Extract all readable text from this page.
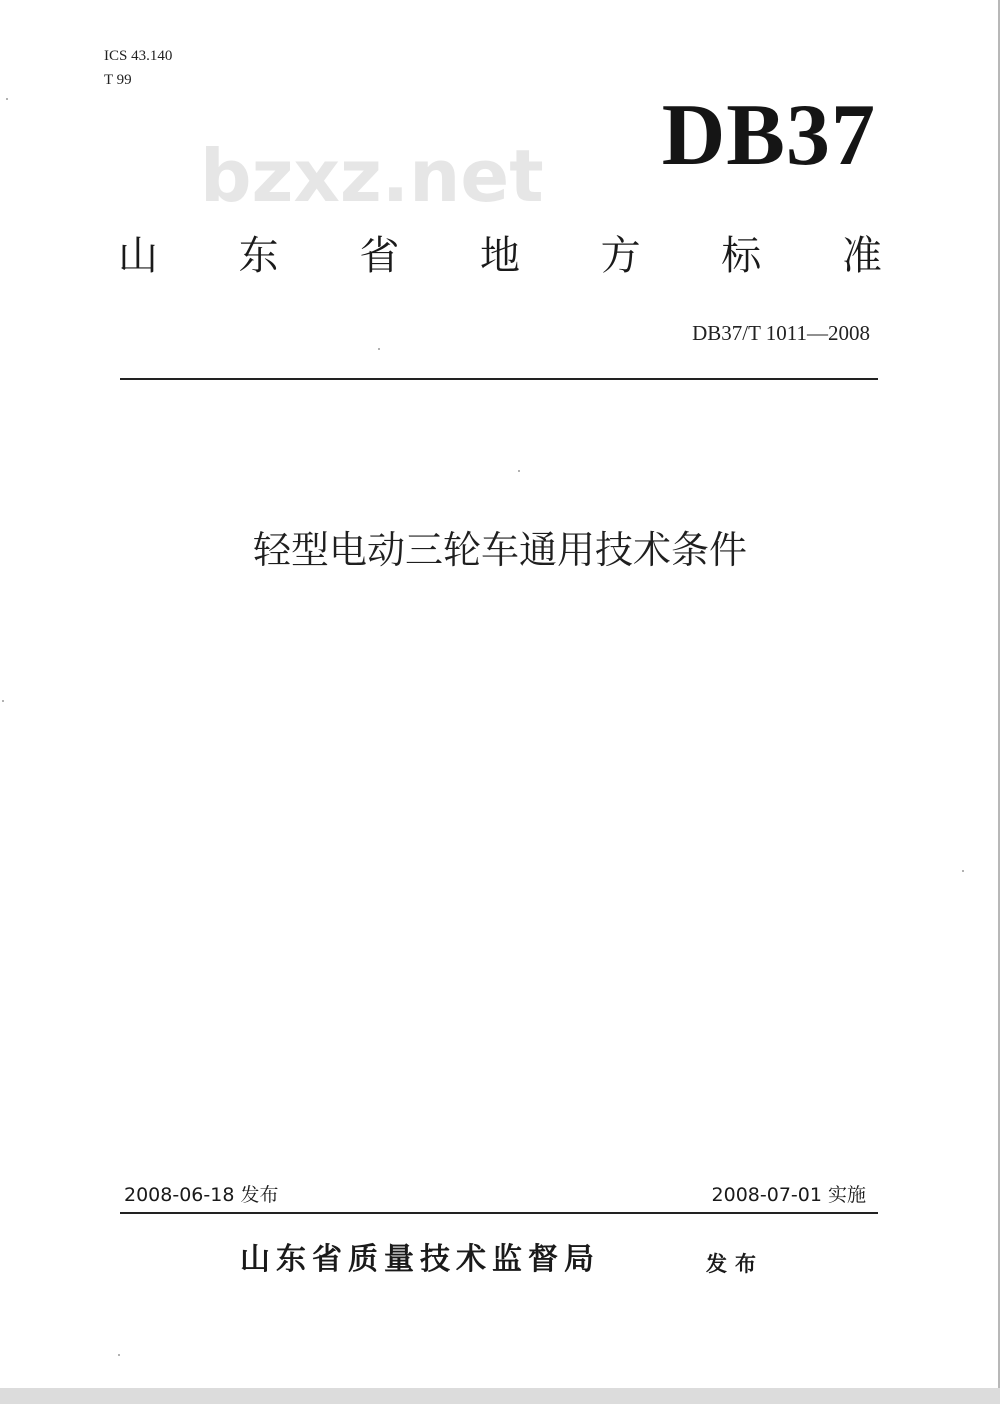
ICS 43.140
T 99
bzxz.net DB37
山 东 省 地 方 标 准
DB37/T 1011—2008
轻型电动三轮车通用技术条件
2008-06-18 发布	2008-07-01 实施
山东省质量技术监督局	发布
